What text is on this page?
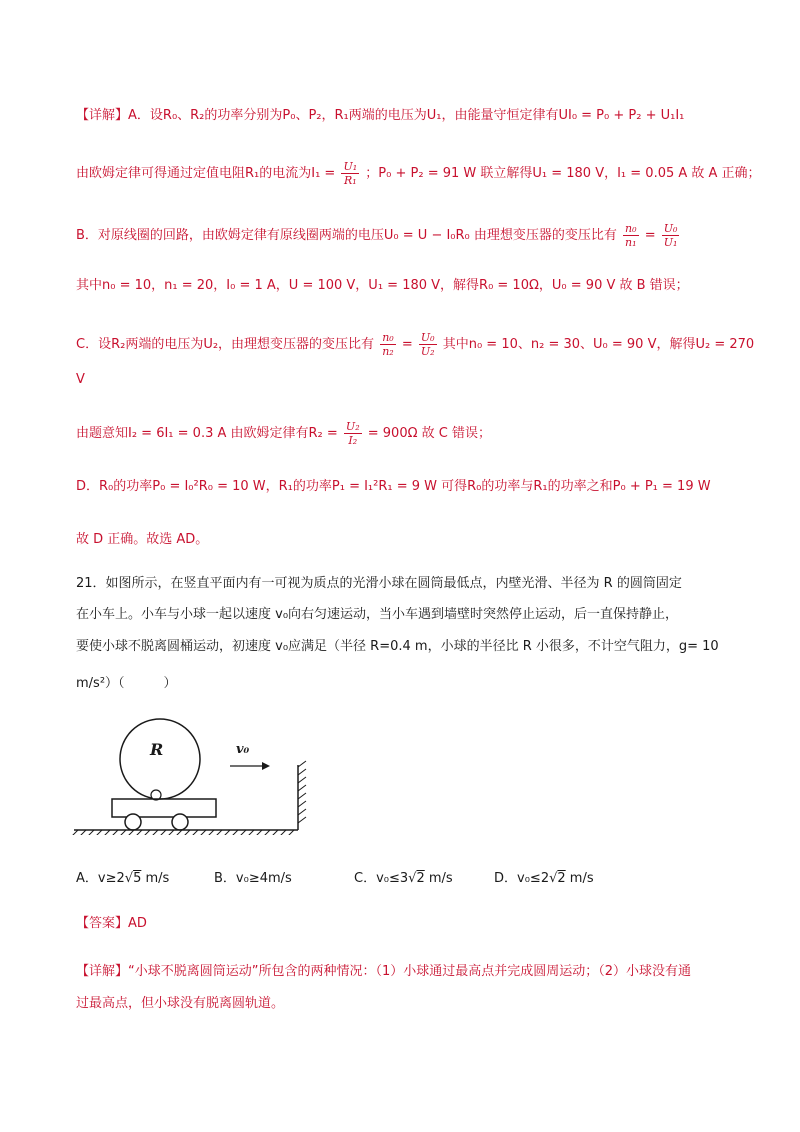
【详解】A．设R₀、R₂的功率分别为P₀、P₂，R₁两端的电压为U₁，由能量守恒定律有UI₀ = P₀ + P₂ + U₁I₁
由欧姆定律可得通过定值电阻R₁的电流为$I_1 = \frac{\text{U₁}}{\text{R₁}}$ ；P₀ + P₂ = 91 W 联立解得U₁ = 180 V，I₁ = 0.05 A 故 A 正确；
B．对原线圈的回路，由欧姆定律有原线圈两端的电压U₀ = U − I₀R₀ 由理想变压器的变压比有 $\frac{\text{n₀}}{\text{n₁}} = \frac{\text{U₀}}{\text{U₁}}$
其中n₀ = 10，n₁ = 20，I₀ = 1 A，U = 100 V，U₁ = 180 V，解得R₀ = 10Ω，U₀ = 90 V 故 B 错误；
C．设R₂两端的电压为U₂，由理想变压器的变压比有 $\frac{\text{n₀}}{\text{n₂}} = \frac{\text{U₀}}{\text{U₂}}$ 其中n₀ = 10、n₂ = 30、U₀ = 90 V，解得U₂ = 270
V
由题意知I₂ = 6I₁ = 0.3 A 由欧姆定律有$R_2 = \frac{\text{U₂}}{\text{I₂}} = 900\Omega$ 故 C 错误；
D．R₀的功率P₀ = I₀²R₀ = 10 W，R₁的功率P₁ = I₁²R₁ = 9 W 可得R₀的功率与R₁的功率之和P₀ + P₁ = 19 W
故 D 正确。故选 AD。
21．如图所示，在竖直平面内有一可视为质点的光滑小球在圆筒最低点，内壁光滑、半径为 R 的圆筒固定
在小车上。小车与小球一起以速度 v₀向右匀速运动，当小车遇到墙壁时突然停止运动，后一直保持静止，
要使小球不脱离圆桶运动，初速度 v₀应满足（半径 R=0.4 m，小球的半径比 R 小很多，不计空气阻力，g= 10
m/s²）（　　　）
R	v₀
A．v≥2√5 m/s	B．v₀≥4m/s	C．v₀≤3√2 m/s	D．v₀≤2√2 m/s
【答案】AD
【详解】“小球不脱离圆筒运动”所包含的两种情况：（1）小球通过最高点并完成圆周运动；（2）小球没有通
过最高点，但小球没有脱离圆轨道。
